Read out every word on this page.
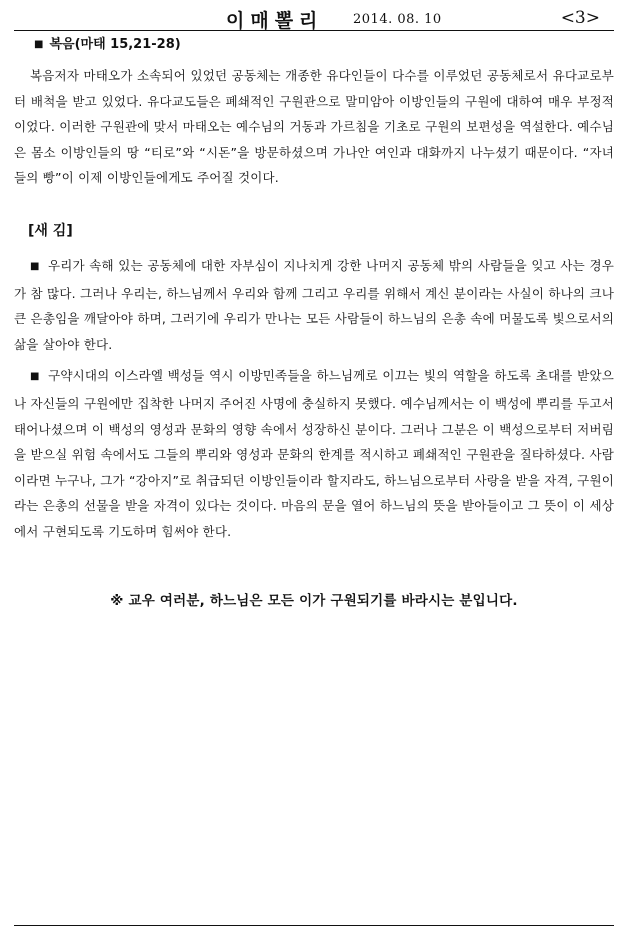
이매뽈리 2014. 08. 10	<3>
■ 복음(마태 15,21-28)

복음저자 마태오가 소속되어 있었던 공동체는 개종한 유다인들이 다수를 이루었던 공동체로서 유다교로부터 배척을 받고 있었다. 유다교도들은 폐쇄적인 구원관으로 말미암아 이방인들의 구원에 대하여 매우 부정적이었다. 이러한 구원관에 맞서 마태오는 예수님의 거동과 가르침을 기초로 구원의 보편성을 역설한다. 예수님은 몸소 이방인들의 땅 “티로”와 “시돈”을 방문하셨으며 가나안 여인과 대화까지 나누셨기 때문이다. “자녀들의 빵”이 이제 이방인들에게도 주어질 것이다.

[새 김]

■ 우리가 속해 있는 공동체에 대한 자부심이 지나치게 강한 나머지 공동체 밖의 사람들을 잊고 사는 경우가 참 많다. 그러나 우리는, 하느님께서 우리와 함께 그리고 우리를 위해서 계신 분이라는 사실이 하나의 크나큰 은총임을 깨달아야 하며, 그러기에 우리가 만나는 모든 사람들이 하느님의 은총 속에 머물도록 빛으로서의 삶을 살아야 한다.

■ 구약시대의 이스라엘 백성들 역시 이방민족들을 하느님께로 이끄는 빛의 역할을 하도록 초대를 받았으나 자신들의 구원에만 집착한 나머지 주어진 사명에 충실하지 못했다. 예수님께서는 이 백성에 뿌리를 두고서 태어나셨으며 이 백성의 영성과 문화의 영향 속에서 성장하신 분이다. 그러나 그분은 이 백성으로부터 저버림을 받으실 위험 속에서도 그들의 뿌리와 영성과 문화의 한계를 적시하고 폐쇄적인 구원관을 질타하셨다. 사람이라면 누구나, 그가 “강아지”로 취급되던 이방인들이라 할지라도, 하느님으로부터 사랑을 받을 자격, 구원이라는 은총의 선물을 받을 자격이 있다는 것이다. 마음의 문을 열어 하느님의 뜻을 받아들이고 그 뜻이 이 세상에서 구현되도록 기도하며 힘써야 한다.

※ 교우 여러분, 하느님은 모든 이가 구원되기를 바라시는 분입니다.
